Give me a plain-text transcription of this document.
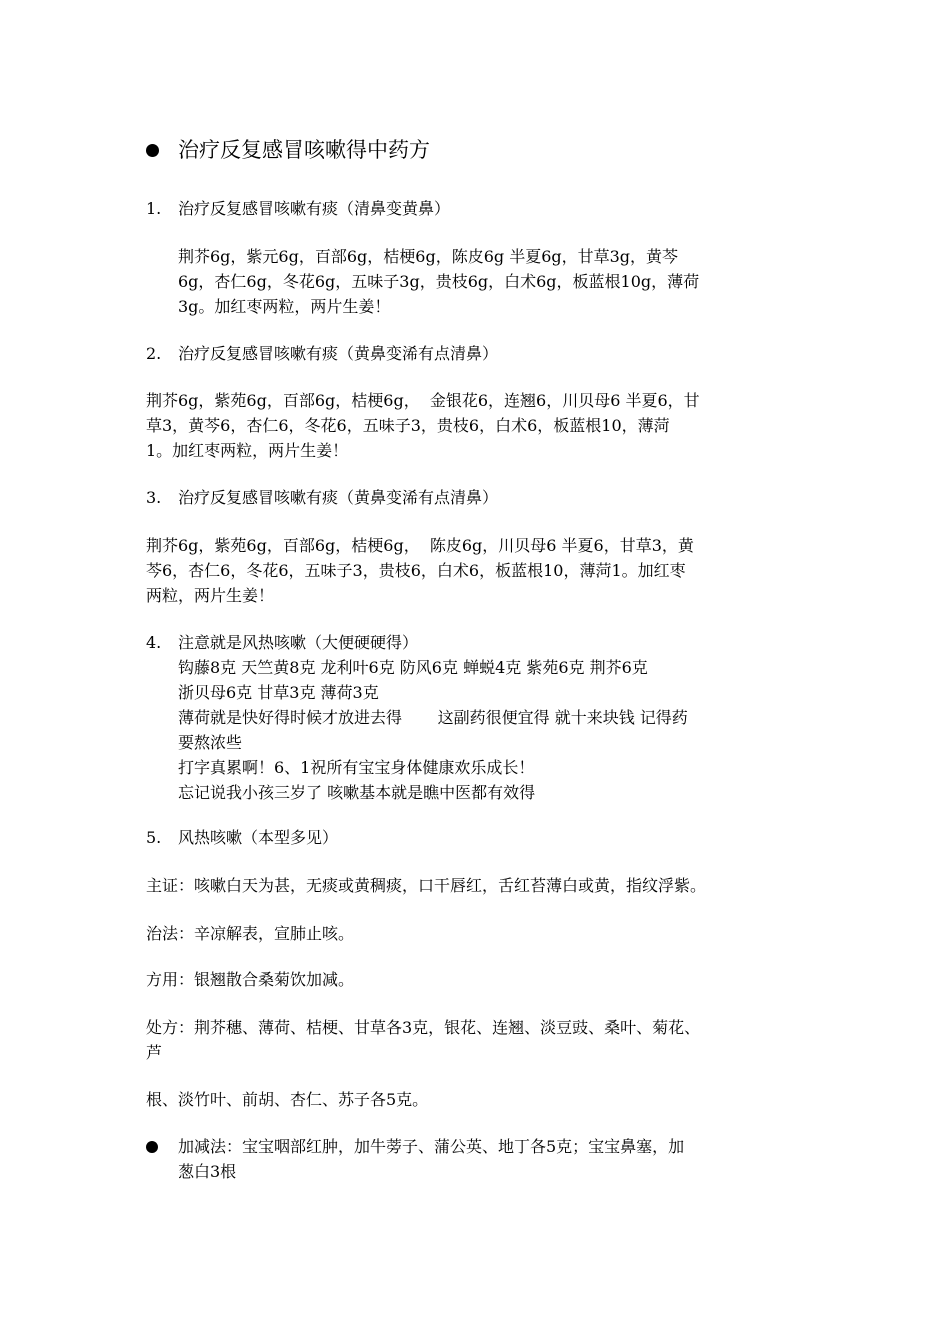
治疗反复感冒咳嗽得中药方
1. 治疗反复感冒咳嗽有痰（清鼻变黄鼻）
荆芥6g，紫元6g，百部6g，桔梗6g，陈皮6g 半夏6g，甘草3g，黄芩
6g，杏仁6g，冬花6g，五味子3g，贵枝6g，白术6g，板蓝根10g，薄荷
3g。加红枣两粒，两片生姜！
2. 治疗反复感冒咳嗽有痰（黄鼻变浠有点清鼻）
荆芥6g，紫苑6g，百部6g，桔梗6g，  金银花6，连翘6，川贝母6 半夏6，甘
草3，黄芩6，杏仁6，冬花6，五味子3，贵枝6，白术6，板蓝根10，薄菏
1。加红枣两粒，两片生姜！
3. 治疗反复感冒咳嗽有痰（黄鼻变浠有点清鼻）
荆芥6g，紫苑6g，百部6g，桔梗6g，  陈皮6g，川贝母6 半夏6，甘草3，黄
芩6，杏仁6，冬花6，五味子3，贵枝6，白术6，板蓝根10，薄菏1。加红枣
两粒，两片生姜！
4. 注意就是风热咳嗽（大便硬硬得）
钩藤8克 天竺黄8克 龙利叶6克 防风6克 蝉蜕4克 紫苑6克 荆芥6克
浙贝母6克 甘草3克 薄荷3克
薄荷就是快好得时候才放进去得       这副药很便宜得 就十来块钱 记得药
要熬浓些
打字真累啊！6、1祝所有宝宝身体健康欢乐成长！
忘记说我小孩三岁了 咳嗽基本就是瞧中医都有效得
5. 风热咳嗽（本型多见）
主证：咳嗽白天为甚，无痰或黄稠痰，口干唇红，舌红苔薄白或黄，指纹浮紫。
治法：辛凉解表，宣肺止咳。
方用：银翘散合桑菊饮加减。
处方：荆芥穗、薄荷、桔梗、甘草各3克，银花、连翘、淡豆豉、桑叶、菊花、
芦
根、淡竹叶、前胡、杏仁、苏子各5克。
加减法：宝宝咽部红肿，加牛蒡子、蒲公英、地丁各5克；宝宝鼻塞，加
葱白3根
